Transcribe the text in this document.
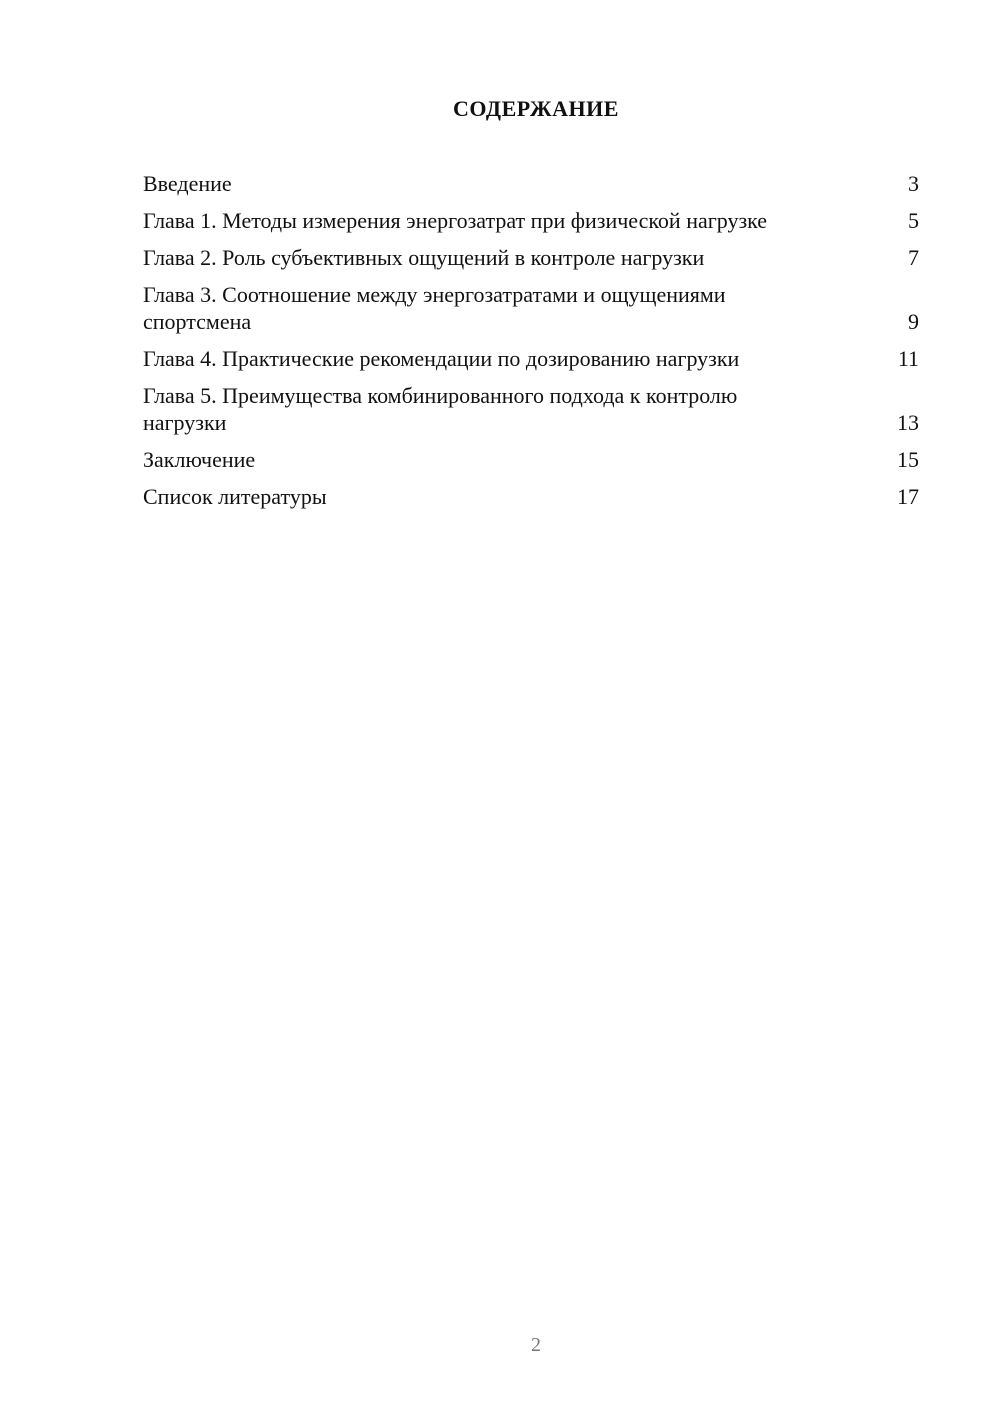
СОДЕРЖАНИЕ
Введение	3
Глава 1. Методы измерения энергозатрат при физической нагрузке	5
Глава 2. Роль субъективных ощущений в контроле нагрузки	7
Глава 3. Соотношение между энергозатратами и ощущениями спортсмена	9
Глава 4. Практические рекомендации по дозированию нагрузки	11
Глава 5. Преимущества комбинированного подхода к контролю нагрузки	13
Заключение	15
Список литературы	17
2
